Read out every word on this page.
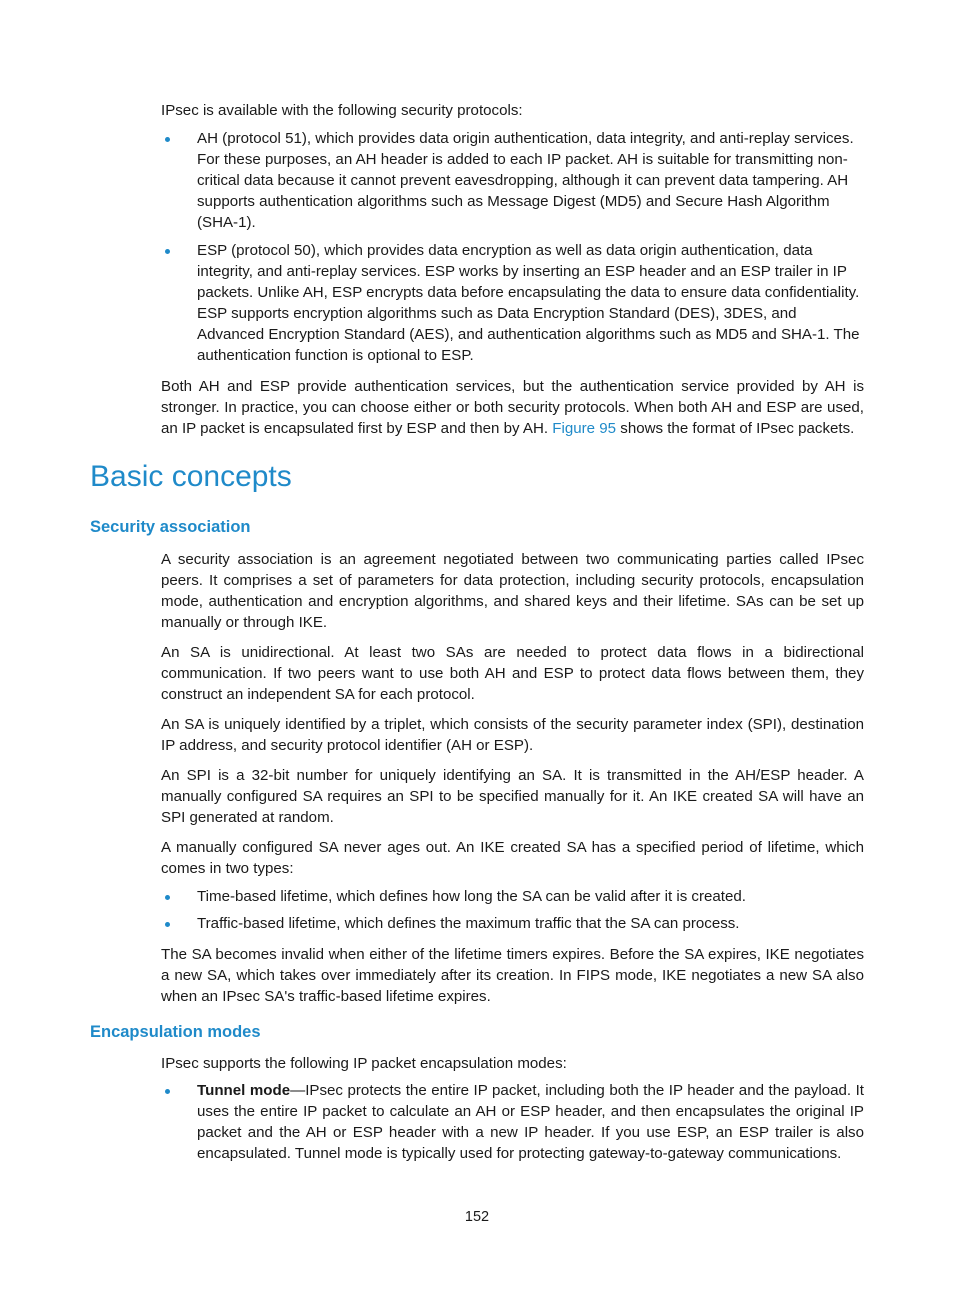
IPsec is available with the following security protocols:

AH (protocol 51), which provides data origin authentication, data integrity, and anti-replay services. For these purposes, an AH header is added to each IP packet. AH is suitable for transmitting non-critical data because it cannot prevent eavesdropping, although it can prevent data tampering. AH supports authentication algorithms such as Message Digest (MD5) and Secure Hash Algorithm (SHA-1).
ESP (protocol 50), which provides data encryption as well as data origin authentication, data integrity, and anti-replay services. ESP works by inserting an ESP header and an ESP trailer in IP packets. Unlike AH, ESP encrypts data before encapsulating the data to ensure data confidentiality. ESP supports encryption algorithms such as Data Encryption Standard (DES), 3DES, and Advanced Encryption Standard (AES), and authentication algorithms such as MD5 and SHA-1. The authentication function is optional to ESP.

Both AH and ESP provide authentication services, but the authentication service provided by AH is stronger. In practice, you can choose either or both security protocols. When both AH and ESP are used, an IP packet is encapsulated first by ESP and then by AH. Figure 95 shows the format of IPsec packets.

Basic concepts
Security association

A security association is an agreement negotiated between two communicating parties called IPsec peers. It comprises a set of parameters for data protection, including security protocols, encapsulation mode, authentication and encryption algorithms, and shared keys and their lifetime. SAs can be set up manually or through IKE.

An SA is unidirectional. At least two SAs are needed to protect data flows in a bidirectional communication. If two peers want to use both AH and ESP to protect data flows between them, they construct an independent SA for each protocol.

An SA is uniquely identified by a triplet, which consists of the security parameter index (SPI), destination IP address, and security protocol identifier (AH or ESP).

An SPI is a 32-bit number for uniquely identifying an SA. It is transmitted in the AH/ESP header. A manually configured SA requires an SPI to be specified manually for it. An IKE created SA will have an SPI generated at random.

A manually configured SA never ages out. An IKE created SA has a specified period of lifetime, which comes in two types:

Time-based lifetime, which defines how long the SA can be valid after it is created.
Traffic-based lifetime, which defines the maximum traffic that the SA can process.

The SA becomes invalid when either of the lifetime timers expires. Before the SA expires, IKE negotiates a new SA, which takes over immediately after its creation. In FIPS mode, IKE negotiates a new SA also when an IPsec SA's traffic-based lifetime expires.

Encapsulation modes

IPsec supports the following IP packet encapsulation modes:

Tunnel mode—IPsec protects the entire IP packet, including both the IP header and the payload. It uses the entire IP packet to calculate an AH or ESP header, and then encapsulates the original IP packet and the AH or ESP header with a new IP header. If you use ESP, an ESP trailer is also encapsulated. Tunnel mode is typically used for protecting gateway-to-gateway communications.
152
